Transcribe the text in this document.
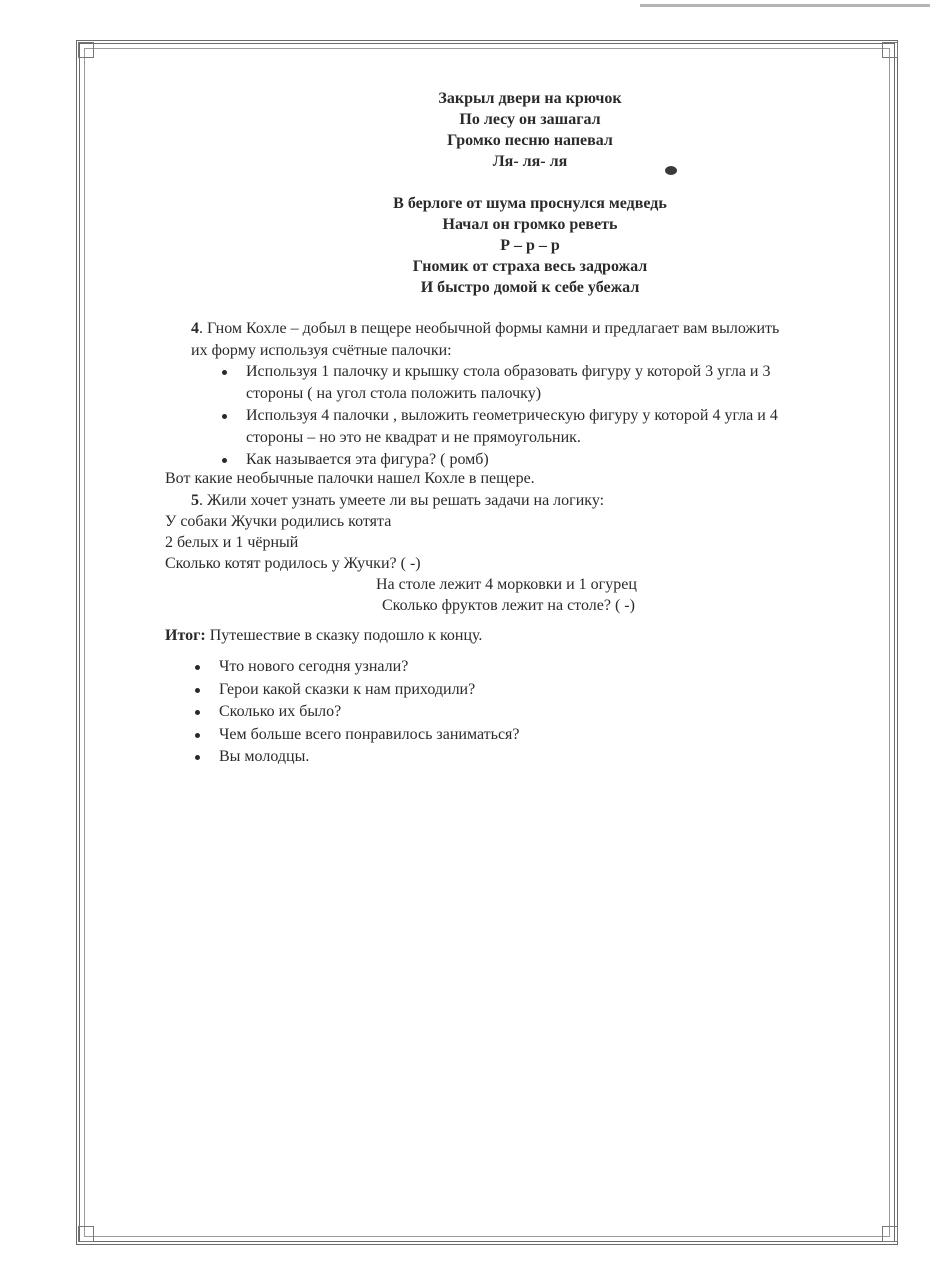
Закрыл двери на крючок
По лесу он зашагал
Громко песню напевал
Ля- ля- ля
В берлоге от шума проснулся медведь
Начал он громко реветь
Р – р – р
Гномик от страха весь задрожал
И быстро домой к себе убежал
4. Гном Кохле – добыл в пещере необычной формы камни и предлагает вам выложить
их форму используя счётные палочки:
Используя 1 палочку и крышку стола образовать фигуру у которой 3 угла и 3
стороны ( на угол стола положить палочку)
Используя 4 палочки , выложить геометрическую фигуру у которой 4 угла и 4
стороны – но это не квадрат и не прямоугольник.
Как называется эта фигура? ( ромб)
Вот какие необычные палочки нашел Кохле в пещере.
5. Жили хочет узнать умеете ли вы решать задачи на логику:
У собаки Жучки родились котята
2 белых и 1 чёрный
Сколько котят родилось у Жучки? ( -)
На столе лежит 4 морковки и 1 огурец
Сколько фруктов лежит на столе? ( -)
Итог: Путешествие в сказку подошло к концу.
Что нового сегодня узнали?
Герои какой сказки к нам приходили?
Сколько их было?
Чем больше всего понравилось заниматься?
Вы молодцы.
